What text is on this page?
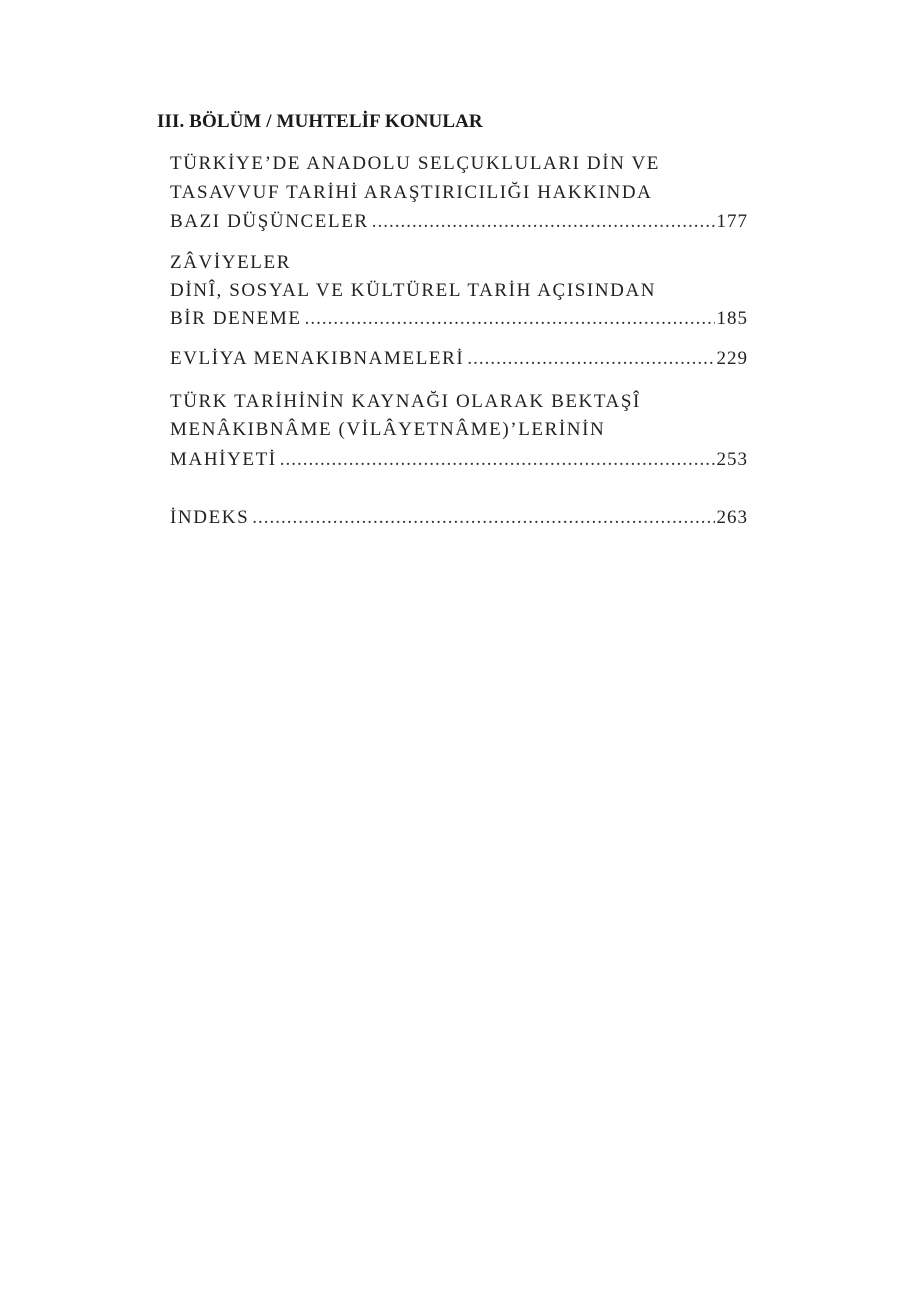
III. BÖLÜM / MUHTELİF KONULAR
TÜRKİYE’DE ANADOLU SELÇUKLULARI DİN VE
TASAVVUF TARİHİ ARAŞTIRICILIĞI HAKKINDA
BAZI DÜŞÜNCELER .....	177
ZÂVİYELER
DİNÎ, SOSYAL VE KÜLTÜREL TARİH AÇISINDAN
BİR DENEME .....	185
EVLİYA MENAKIBNAMELERİ .....	229
TÜRK TARİHİNİN KAYNAĞI OLARAK BEKTAŞÎ
MENÂKIBNÂME (VİLÂYETNÂME)’LERİNİN
MAHİYETİ .....	253
İNDEKS .....	263
